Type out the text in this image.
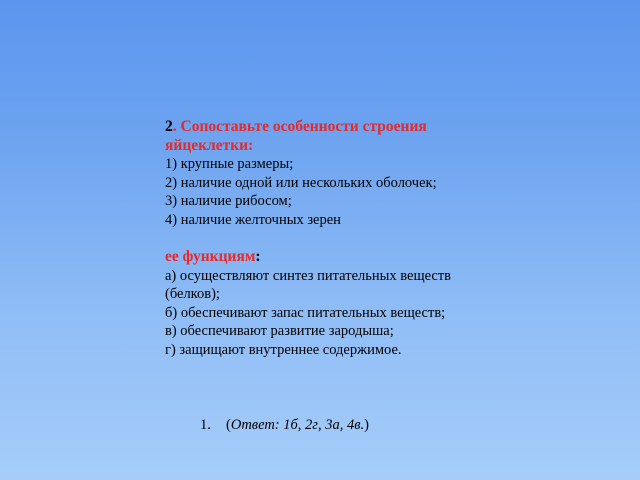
2. Сопоставьте особенности строения яйцеклетки:
1) крупные размеры;
2) наличие одной или нескольких оболочек;
3) наличие рибосом;
4) наличие желточных зерен
ее функциям:
а) осуществляют синтез питательных веществ (белков);
б) обеспечивают запас питательных веществ;
в) обеспечивают развитие зародыша;
г) защищают внутреннее содержимое.
1. (Ответ: 1б, 2г, 3а, 4в.)
